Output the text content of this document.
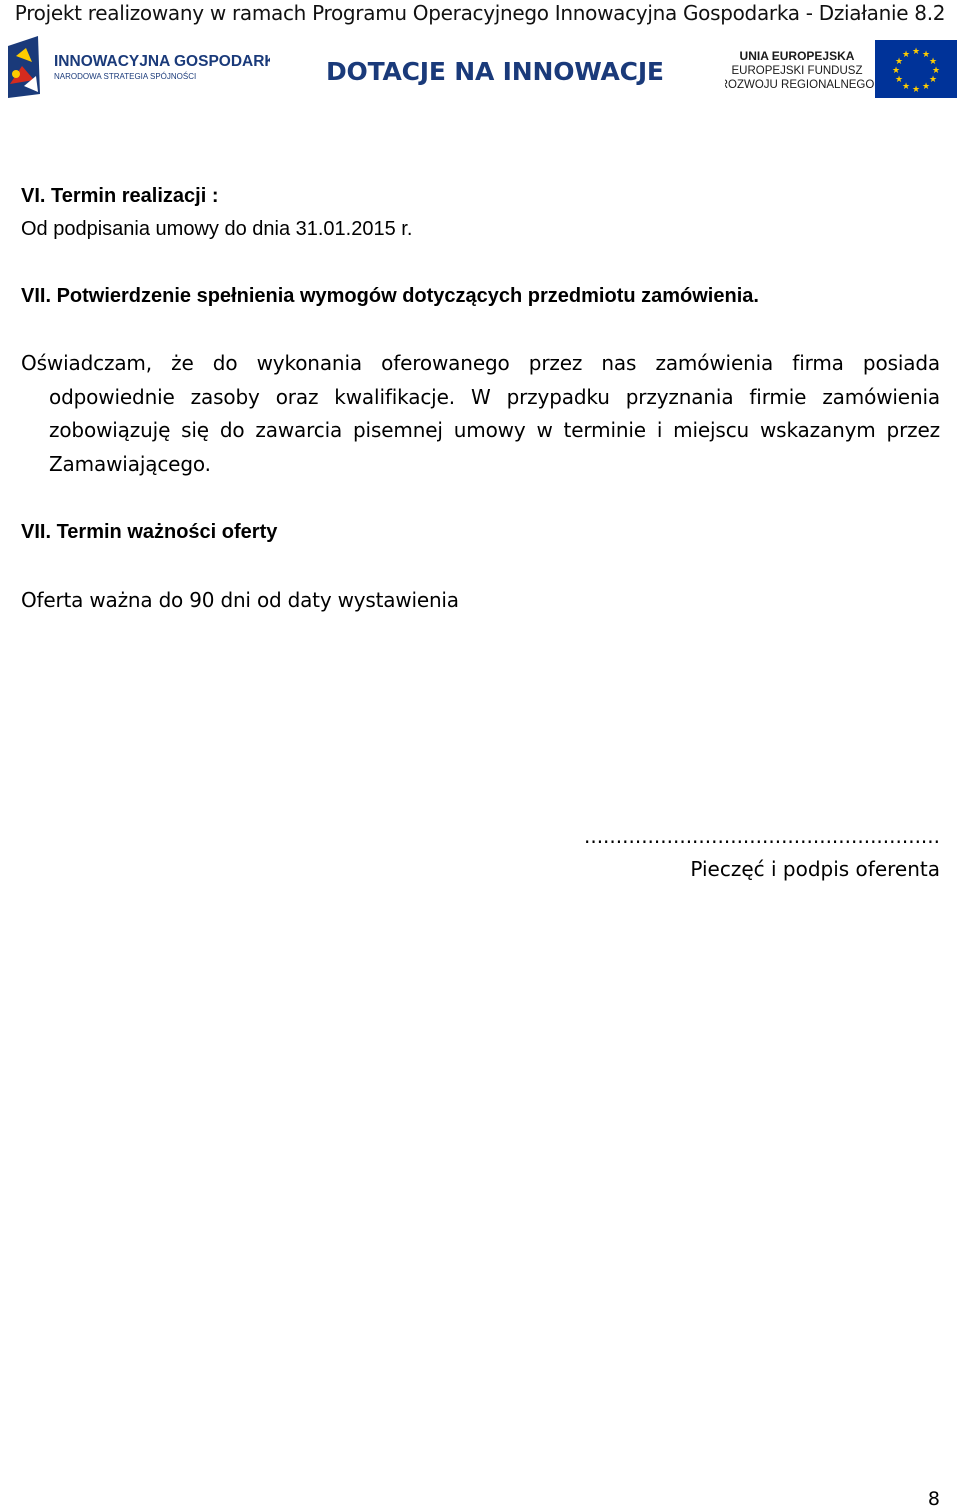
Projekt realizowany w ramach Programu Operacyjnego Innowacyjna Gospodarka - Działanie 8.2
INNOWACYJNA GOSPODARKA
NARODOWA STRATEGIA SPÓJNOŚCI	DOTACJE NA INNOWACJE
UNIA EUROPEJSKA
EUROPEJSKI FUNDUSZ
ROZWOJU REGIONALNEGO
★ ★
★
★
★
★
★
★
★
★
★
★
VI. Termin realizacji :
Od podpisania umowy do dnia 31.01.2015 r.
VII. Potwierdzenie spełnienia wymogów dotyczących przedmiotu zamówienia.
Oświadczam, że do wykonania oferowanego przez nas zamówienia firma posiada
odpowiednie zasoby oraz kwalifikacje. W przypadku przyznania firmie zamówienia zobowiązuję się do zawarcia pisemnej umowy w terminie i miejscu wskazanym przez Zamawiającego.
VII. Termin ważności oferty
Oferta ważna do 90 dni od daty wystawienia
........................................................
Pieczęć i podpis oferenta
8
